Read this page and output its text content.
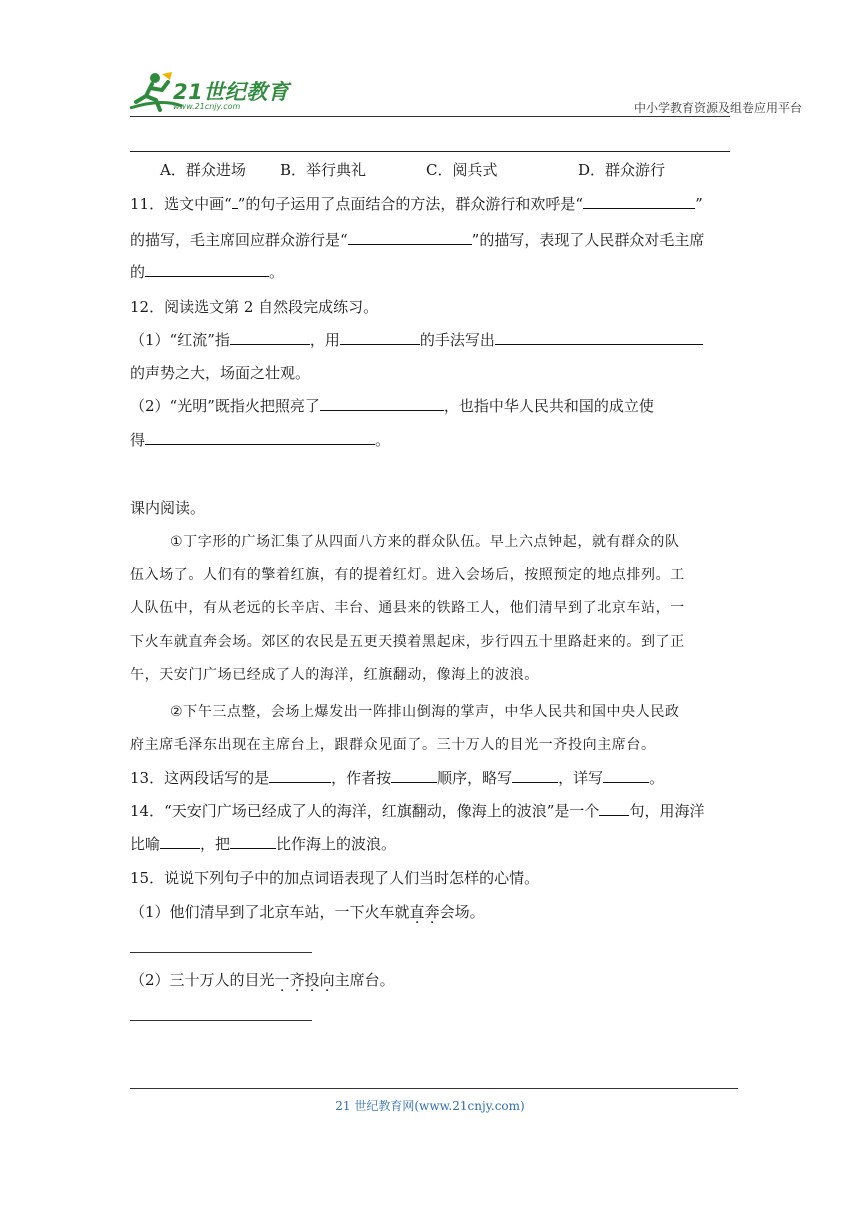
21世纪教育
www.21cnjy.com	中小学教育资源及组卷应用平台
A．群众进场 B．举行典礼	C．阅兵式	D．群众游行
11．选文中画“ ”的句子运用了点面结合的方法，群众游行和欢呼是“	”
的描写，毛主席回应群众游行是“	”的描写，表现了人民群众对毛主席
的	。
12．阅读选文第 2 自然段完成练习。
（1）“红流”指	，用	的手法写出
的声势之大，场面之壮观。
（2）“光明”既指火把照亮了	，也指中华人民共和国的成立使
得	。
课内阅读。
①丁字形的广场汇集了从四面八方来的群众队伍。早上六点钟起，就有群众的队
伍入场了。人们有的擎着红旗，有的提着红灯。进入会场后，按照预定的地点排列。工
人队伍中，有从老远的长辛店、丰台、通县来的铁路工人，他们清早到了北京车站，一
下火车就直奔会场。郊区的农民是五更天摸着黑起床，步行四五十里路赶来的。到了正
午，天安门广场已经成了人的海洋，红旗翻动，像海上的波浪。
②下午三点整，会场上爆发出一阵排山倒海的掌声，中华人民共和国中央人民政
府主席毛泽东出现在主席台上，跟群众见面了。三十万人的目光一齐投向主席台。
13．这两段话写的是	，作者按	顺序，略写	，详写	。
14．“天安门广场已经成了人的海洋，红旗翻动，像海上的波浪”是一个 句，用海洋
比喻	，把	比作海上的波浪。
15．说说下列句子中的加点词语表现了人们当时怎样的心情。
（1）他们清早到了北京车站，一下火车就直奔会场。
（2）三十万人的目光一齐投向主席台。
21 世纪教育网(www.21cnjy.com)
